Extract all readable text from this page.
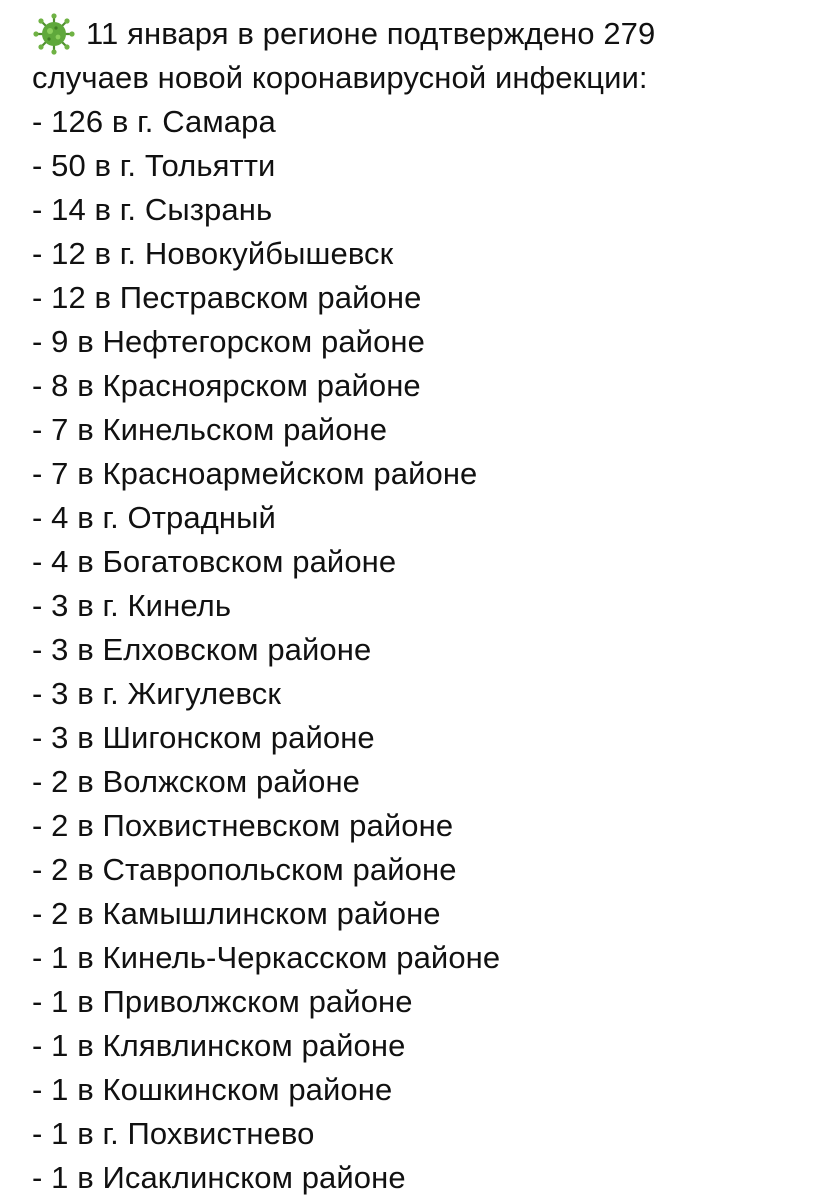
11 января в регионе подтверждено 279
случаев новой коронавирусной инфекции:
- 126 в г. Самара
- 50 в г. Тольятти
- 14 в г. Сызрань
- 12 в г. Новокуйбышевск
- 12 в Пестравском районе
- 9 в Нефтегорском районе
- 8 в Красноярском районе
- 7 в Кинельском районе
- 7 в Красноармейском районе
- 4 в г. Отрадный
- 4 в Богатовском районе
- 3 в г. Кинель
- 3 в Елховском районе
- 3 в г. Жигулевск
- 3 в Шигонском районе
- 2 в Волжском районе
- 2 в Похвистневском районе
- 2 в Ставропольском районе
- 2 в Камышлинском районе
- 1 в Кинель-Черкасском районе
- 1 в Приволжском районе
- 1 в Клявлинском районе
- 1 в Кошкинском районе
- 1 в г. Похвистнево
- 1 в Исаклинском районе
